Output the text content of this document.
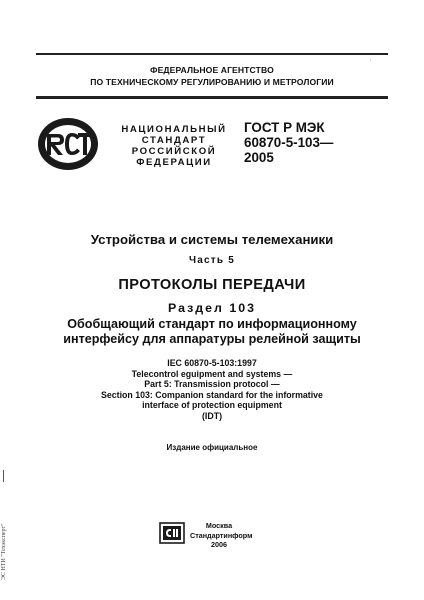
'
ФЕДЕРАЛЬНОЕ АГЕНТСТВО
ПО ТЕХНИЧЕСКОМУ РЕГУЛИРОВАНИЮ И МЕТРОЛОГИИ
НАЦИОНАЛЬНЫЙ
СТАНДАРТ
РОССИЙСКОЙ
ФЕДЕРАЦИИ
ГОСТ Р МЭК
60870-5-103—
2005
Устройства и системы телемеханики
Часть 5
ПРОТОКОЛЫ ПЕРЕДАЧИ
Раздел 103
Обобщающий стандарт по информационному
интерфейсу для аппаратуры релейной защиты
IEC 60870-5-103:1997
Telecontrol eguipment and systems —
Part 5: Transmission protocol —
Section 103: Companion standard for the informative
interface of protection equipment
(IDT)
Издание официальное
Москва
Стандартинформ
2006
ЭС НТИ "Техэксперт"
